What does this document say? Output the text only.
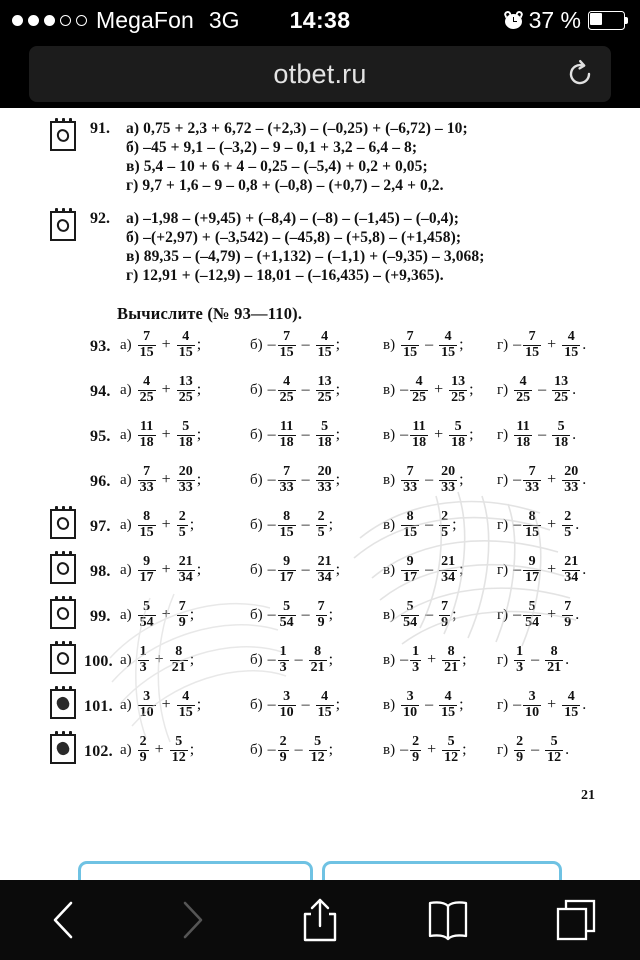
MegaFon 3G 14:38	37 %
otbet.ru
91. а) 0,75 + 2,3 + 6,72 – (+2,3) – (–0,25) + (–6,72) – 10;
б) –45 + 9,1 – (–3,2) – 9 – 0,1 + 3,2 – 6,4 – 8;
в) 5,4 – 10 + 6 + 4 – 0,25 – (–5,4) + 0,2 + 0,05;
г) 9,7 + 1,6 – 9 – 0,8 + (–0,8) – (+0,7) – 2,4 + 0,2.
92. а) –1,98 – (+9,45) + (–8,4) – (–8) – (–1,45) – (–0,4);
б) –(+2,97) + (–3,542) – (–45,8) – (+5,8) – (+1,458);
в) 89,35 – (–4,79) – (+1,132) – (–1,1) + (–9,35) – 3,068;
г) 12,91 + (–12,9) – 18,01 – (–16,435) – (+9,365).
Вычислите (№ 93—110).
93. $а) \frac{7}{15} + \frac{4}{15}$ ;	$б) - \frac{7}{15} - \frac{4}{15}$ ;	$в) \frac{7}{15} - \frac{4}{15}$ ; $г) - \frac{7}{15} + \frac{4}{15}$ .
94. $а) \frac{4}{25} + \frac{13}{25}$ ;	$б) - \frac{4}{25} - \frac{13}{25}$ ;	$в) - \frac{4}{25} + \frac{13}{25}$ ; $г) \frac{4}{25} - \frac{13}{25}$ .
95. $а) \frac{11}{18} + \frac{5}{18}$ ;	$б) - \frac{11}{18} - \frac{5}{18}$ ;	$в) - \frac{11}{18} + \frac{5}{18}$ ; $г) \frac{11}{18} - \frac{5}{18}$ .
96. $а) \frac{7}{33} + \frac{20}{33}$ ;	$б) - \frac{7}{33} - \frac{20}{33}$ ;	$в) \frac{7}{33} - \frac{20}{33}$ ; $г) - \frac{7}{33} + \frac{20}{33}$ .
97. $а) \frac{8}{15} + \frac{2}{5}$ ;	$б) - \frac{8}{15} - \frac{2}{5}$ ;	$в) \frac{8}{15} - \frac{2}{5}$ ;	$г) - \frac{8}{15} + \frac{2}{5}$ .
98. $а) \frac{9}{17} + \frac{21}{34}$ ;	$б) - \frac{9}{17} - \frac{21}{34}$ ;	$в) \frac{9}{17} - \frac{21}{34}$ ; $г) - \frac{9}{17} + \frac{21}{34}$ .
99. $а) \frac{5}{54} + \frac{7}{9}$ ;	$б) - \frac{5}{54} - \frac{7}{9}$ ;	$в) \frac{5}{54} - \frac{7}{9}$ ;	$г) - \frac{5}{54} + \frac{7}{9}$ .
100. $а) \frac{1}{3} + \frac{8}{21}$ ;	$б) - \frac{1}{3} - \frac{8}{21}$ ;	$в) - \frac{1}{3} + \frac{8}{21}$ ; $г) \frac{1}{3} - \frac{8}{21}$ .
101. $а) \frac{3}{10} + \frac{4}{15}$ ;	$б) - \frac{3}{10} - \frac{4}{15}$ ;	$в) \frac{3}{10} - \frac{4}{15}$ ; $г) - \frac{3}{10} + \frac{4}{15}$ .
102. $а) \frac{2}{9} + \frac{5}{12}$ ;	$б) - \frac{2}{9} - \frac{5}{12}$ ;	$в) - \frac{2}{9} + \frac{5}{12}$ ; $г) \frac{2}{9} - \frac{5}{12}$ .
21
